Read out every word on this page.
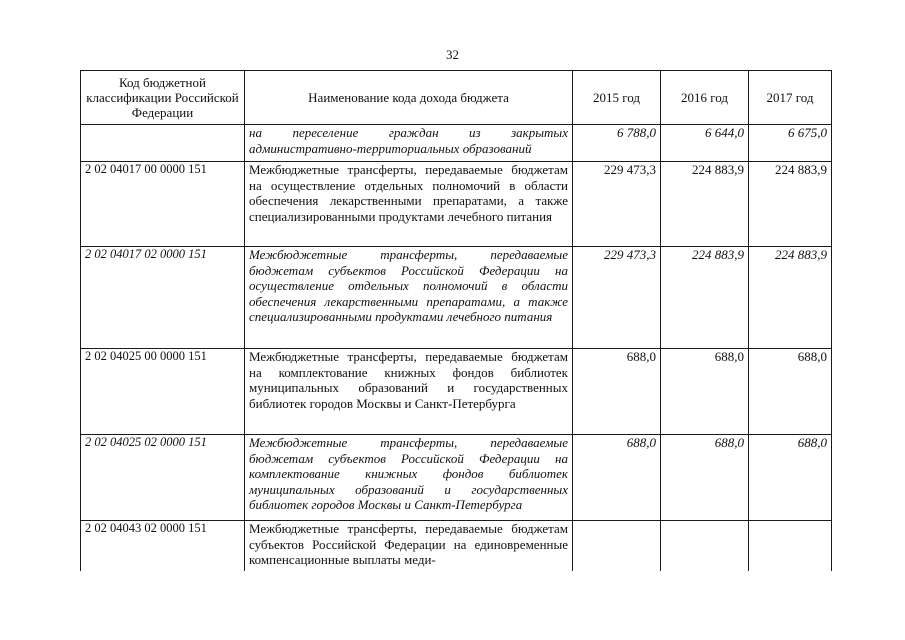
32
Код бюджетной классификации Российской Федерации	Наименование кода дохода бюджета	2015 год	2016 год	2017 год
	на переселение граждан из закрытых административно-территориальных образований	6 788,0	6 644,0	6 675,0
2 02 04017 00 0000 151	Межбюджетные трансферты, передаваемые бюджетам на осуществление отдельных полномочий в области обеспечения лекарственными препаратами, а также специализированными продуктами лечебного питания	229 473,3	224 883,9	224 883,9
2 02 04017 02 0000 151	Межбюджетные трансферты, передаваемые бюджетам субъектов Российской Федерации на осуществление отдельных полномочий в области обеспечения лекарственными препаратами, а также специализированными продуктами лечебного питания	229 473,3	224 883,9	224 883,9
2 02 04025 00 0000 151	Межбюджетные трансферты, передаваемые бюджетам на комплектование книжных фондов библиотек муниципальных образований и государственных библиотек городов Москвы и Санкт-Петербурга	688,0	688,0	688,0
2 02 04025 02 0000 151	Межбюджетные трансферты, передаваемые бюджетам субъектов Российской Федерации на комплектование книжных фондов библиотек муниципальных образований и государственных библиотек городов Москвы и Санкт-Петербурга	688,0	688,0	688,0
2 02 04043 02 0000 151	Межбюджетные трансферты, передаваемые бюджетам субъектов Российской Федерации на единовременные компенсационные выплаты меди-			
